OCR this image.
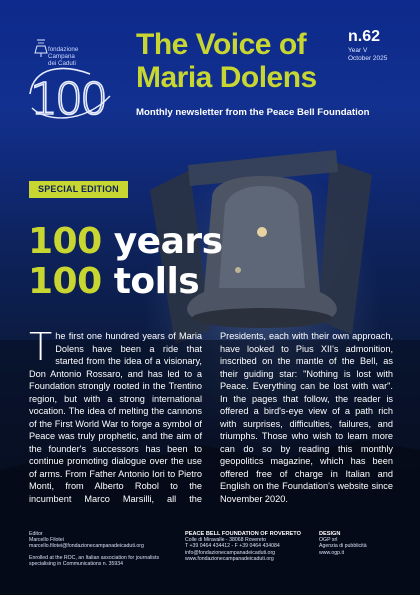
fondazione
Campana
dei Caduti
100
The Voice of
Maria Dolens
n.62
Year V
October 2025
Monthly newsletter from the Peace Bell Foundation
SPECIAL EDITION
100 years
100 tolls

The first one hundred years of Maria Dolens have been a ride that started from the idea of a visionary, Don Antonio Rossaro, and has led to a Foundation strongly rooted in the Trentino region, but with a strong international vocation. The idea of melting the cannons of the First World War to forge a symbol of Peace was truly prophetic, and the aim of the founder's successors has been to continue promoting dialogue over the use of arms. From Father Antonio Iori to Pietro Monti, from Alberto Robol to the incumbent Marco Marsilli, all the Presidents, each with their own approach, have looked to Pius XII's admonition, inscribed on the mantle of the Bell, as their guiding star: "Nothing is lost with Peace. Everything can be lost with war". In the pages that follow, the reader is offered a bird's-eye view of a path rich with surprises, difficulties, failures, and triumphs. Those who wish to learn more can do so by reading this monthly geopolitics magazine, which has been offered free of charge in Italian and English on the Foundation's website since November 2020.

Editor
Marcello Filotei
marcello.filotei@fondazionecampanadeicaduti.org
Enrolled at the ROC, an Italian association for journalists specialising in Communications n. 35934
PEACE BELL FOUNDATION OF ROVERETO
Colle di Miravalle - 38068 Rovereto
T +39 0464 434412 - F +39 0464 434084
info@fondazionecampanadeicaduti.org
www.fondazionecampanadeicaduti.org
DESIGN
OGP srl
Agenzia di pubblicità
www.ogp.it
